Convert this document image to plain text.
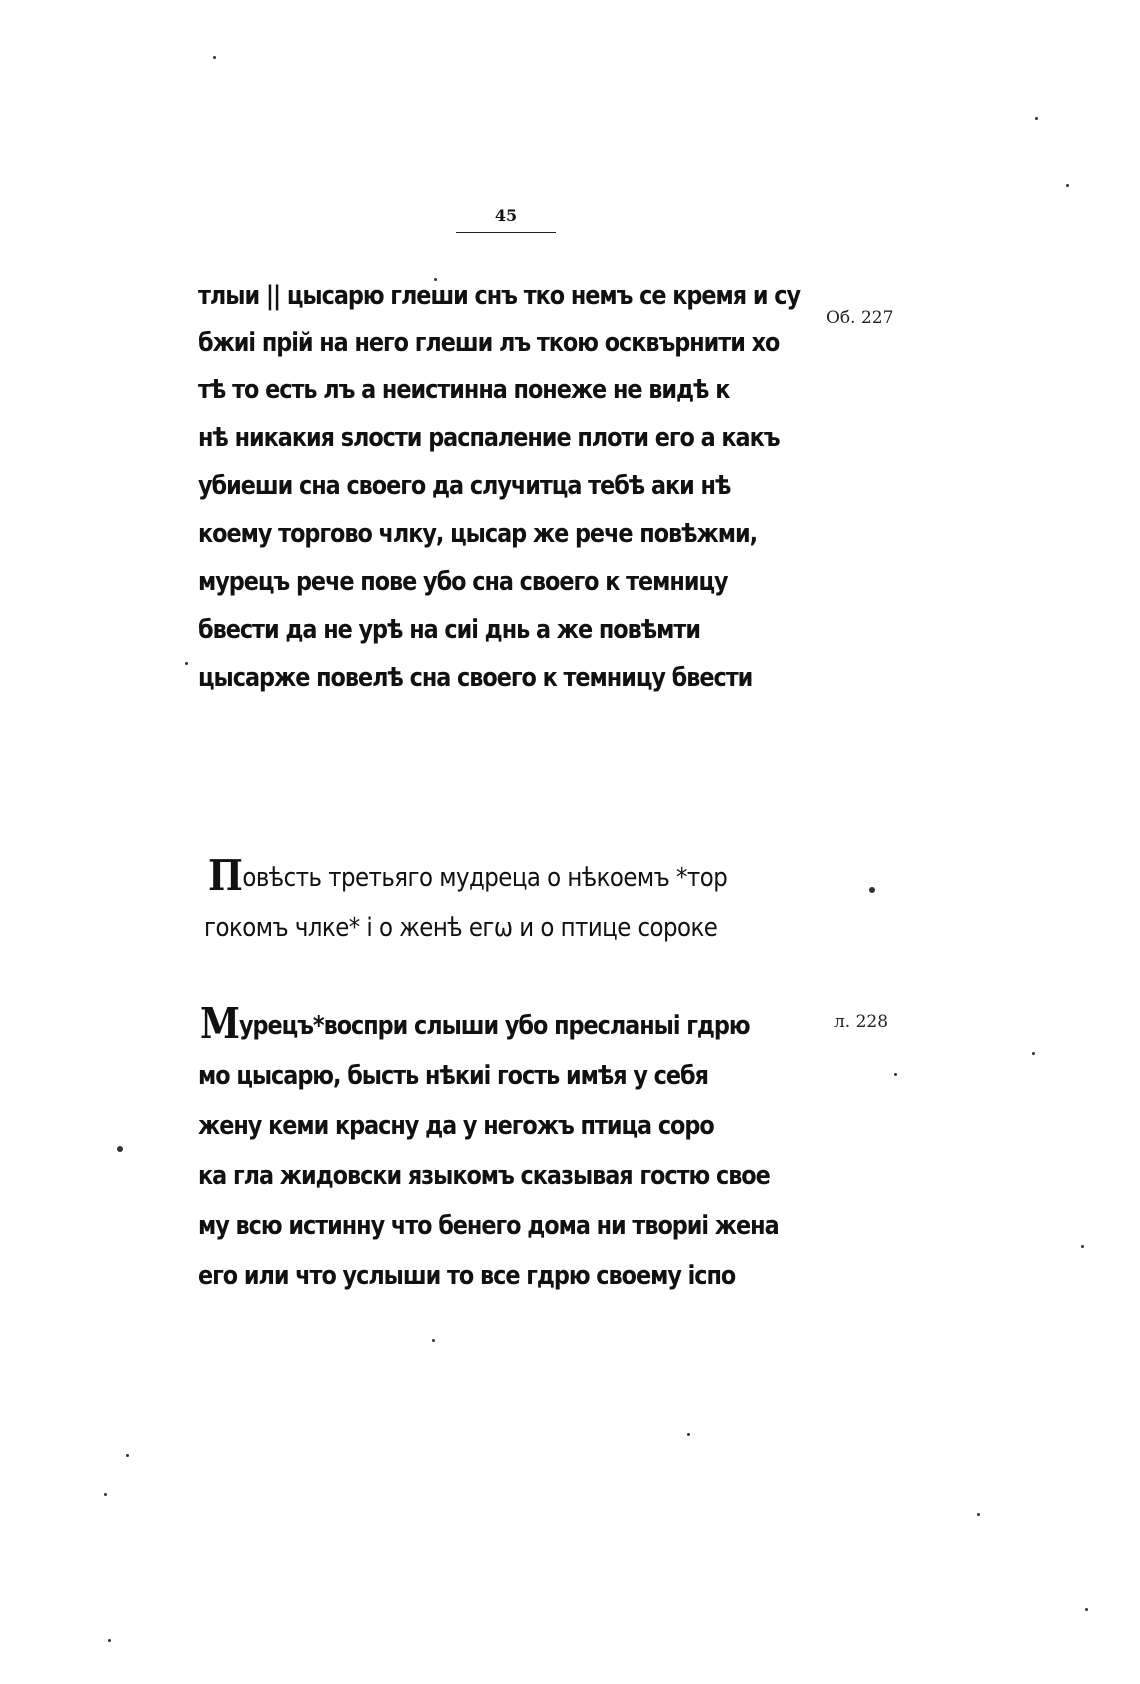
45
тлыи || цысарю глеши снъ тко немъ се кремя и су
бжиі прій на него глеши лъ ткою осквърнити хо
тѣ то есть лъ а неистинна понеже не видѣ к
нѣ никакия ѕлости распаление плоти его а какъ
убиеши сна своего да случитца тебѣ аки нѣ
коему торгово члку, цысар же рече повѣжми,
мурецъ рече пове убо сна своего к темницу
бвести да не урѣ на сиі днь а же повѣмти
цысарже повелѣ сна своего к темницу бвести
Об. 227
Повѣсть третьяго мудреца о нѣкоемъ *тор
гокомъ члке* і о женѣ егω и о птице сороке
Мурецъ*воспри слыши убо пресланыі гдрю
мо цысарю, бысть нѣкиі гость имѣя у себя
жену кеми красну да у негожъ птица соро
ка гла жидовски языкомъ сказывая гостю свое
му всю истинну что бенего дома ни твориі жена
его или что услыши то все гдрю своему іспо
л. 228
